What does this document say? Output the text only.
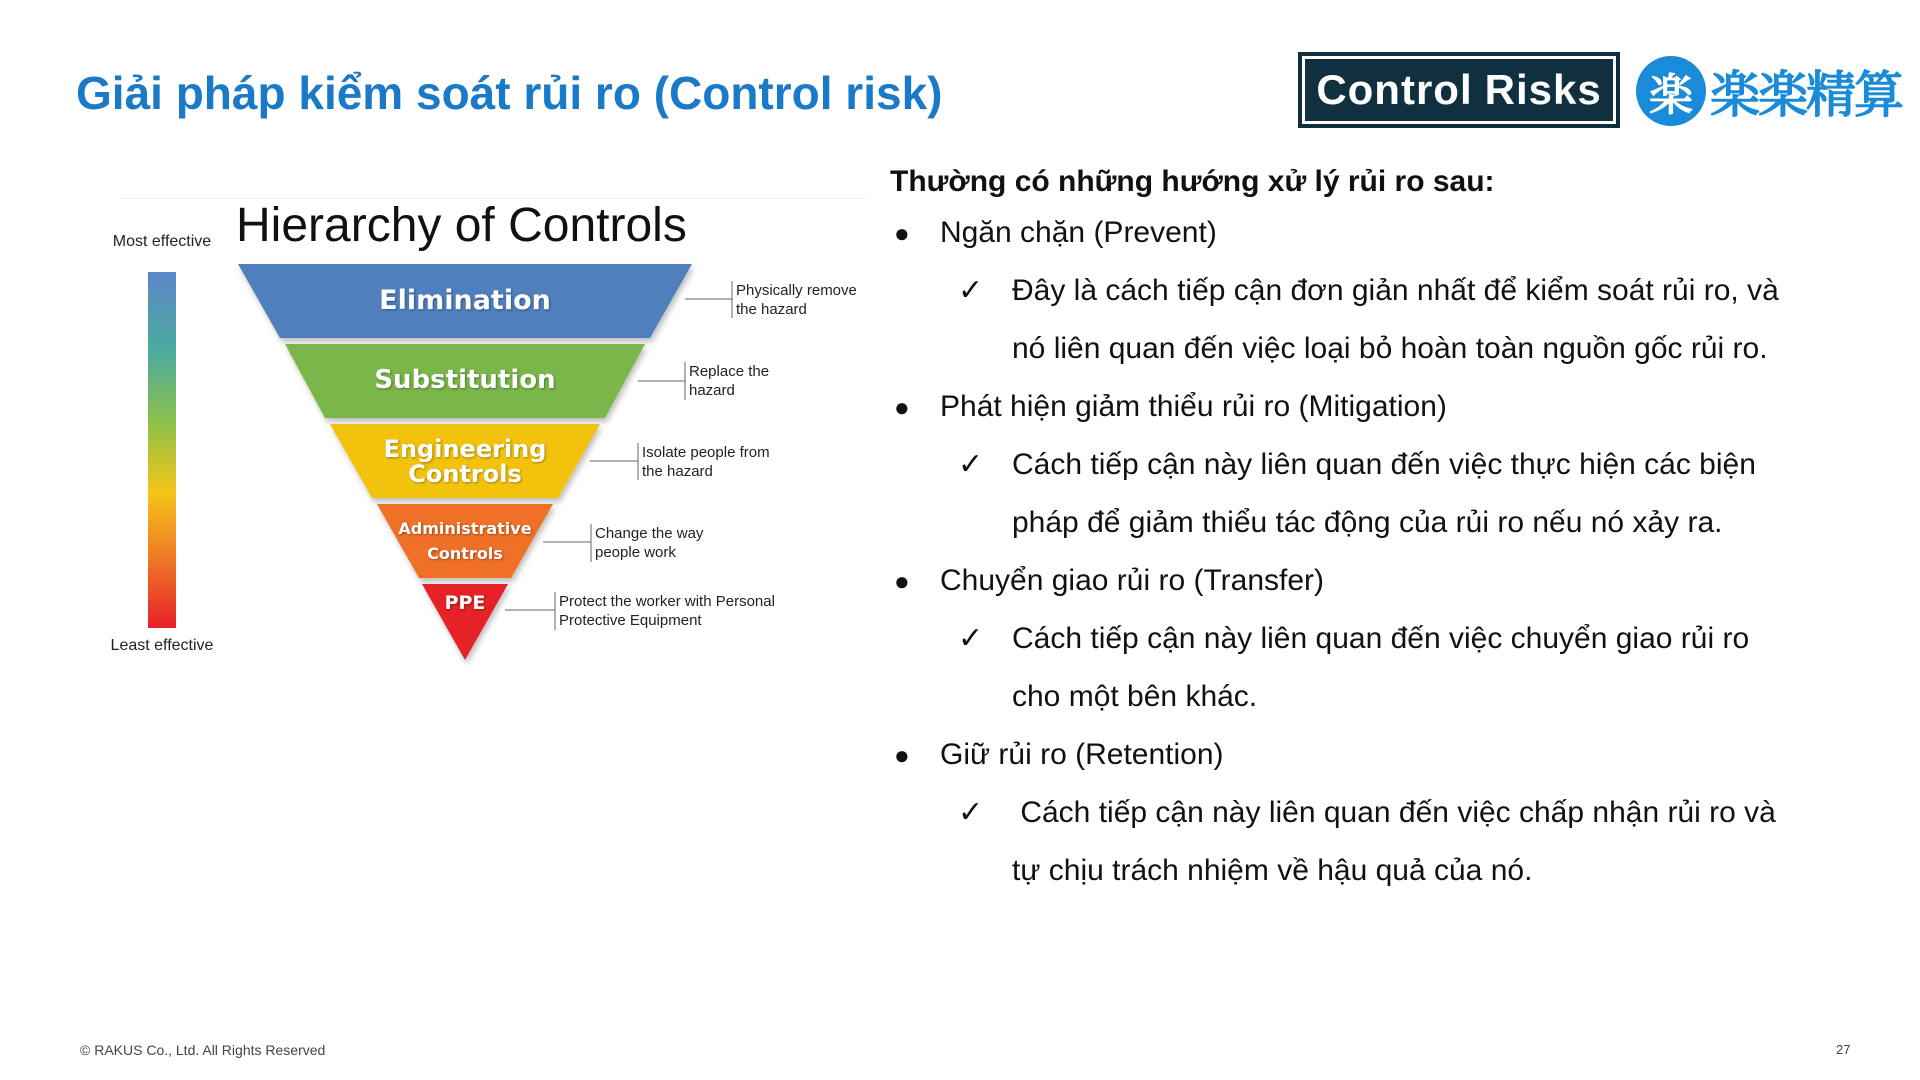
Giải pháp kiểm soát rủi ro (Control risk)	Control Risks 楽 楽楽精算
Hierarchy of Controls
Most effective
Least effective
Elimination
Substitution
Engineering Controls
Administrative Controls
PPE
Physically remove the hazard
Replace the hazard
Isolate people from the hazard
Change the way people work
Protect the worker with Personal Protective Equipment

Thường có những hướng xử lý rủi ro sau:

● Ngăn chặn (Prevent)
✓ Đây là cách tiếp cận đơn giản nhất để kiểm soát rủi ro, và
nó liên quan đến việc loại bỏ hoàn toàn nguồn gốc rủi ro.
● Phát hiện giảm thiểu rủi ro (Mitigation)
✓ Cách tiếp cận này liên quan đến việc thực hiện các biện
pháp để giảm thiểu tác động của rủi ro nếu nó xảy ra.
● Chuyển giao rủi ro (Transfer)
✓ Cách tiếp cận này liên quan đến việc chuyển giao rủi ro
cho một bên khác.
● Giữ rủi ro (Retention)
✓ Cách tiếp cận này liên quan đến việc chấp nhận rủi ro và
tự chịu trách nhiệm về hậu quả của nó.
© RAKUS Co., Ltd. All Rights Reserved	27
